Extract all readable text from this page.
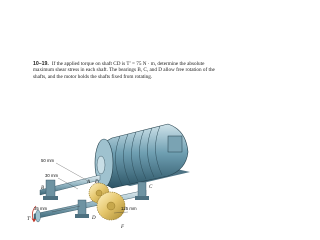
10–19. If the applied torque on shaft CD is T′ = 75 N · m, determine the absolute maximum shear stress in each shaft. The bearings B, C, and D allow free rotation of the shafts, and the motor holds the shafts fixed from rotating.
50 mm
30 mm
35 mm	125 mm
A
B	C
D
E
F
T′
